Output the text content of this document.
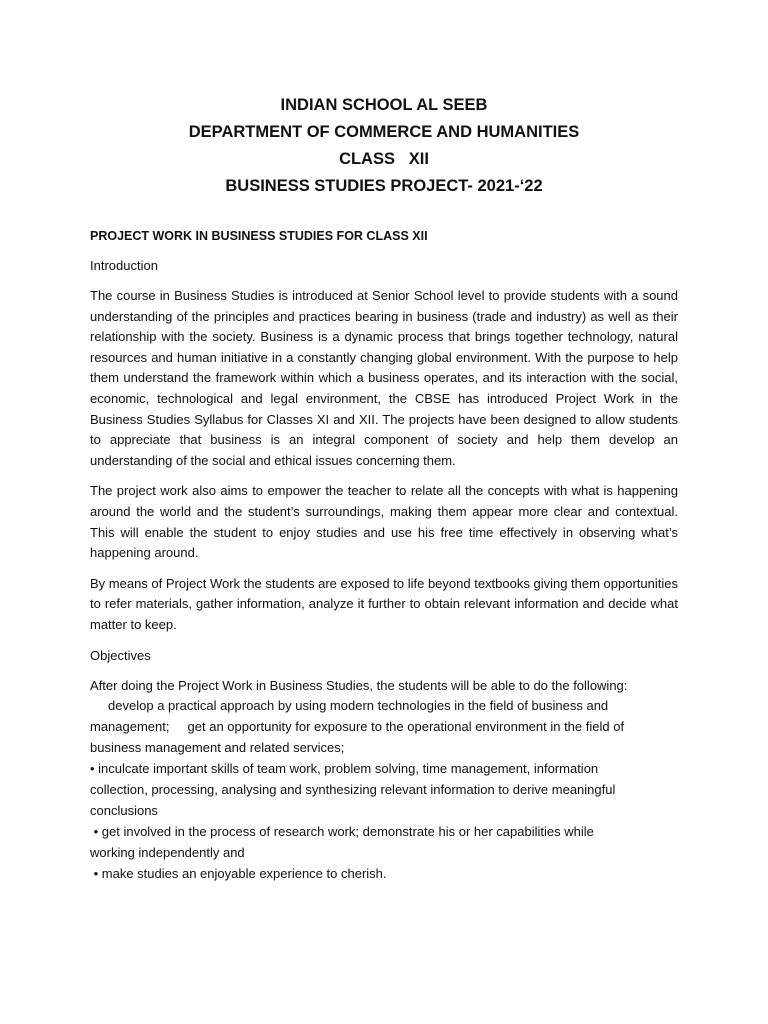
INDIAN SCHOOL AL SEEB
DEPARTMENT OF COMMERCE AND HUMANITIES
CLASS   XII
BUSINESS STUDIES PROJECT- 2021-‘22
PROJECT WORK IN BUSINESS STUDIES FOR CLASS XII
Introduction

The course in Business Studies is introduced at Senior School level to provide students with a sound understanding of the principles and practices bearing in business (trade and industry) as well as their relationship with the society. Business is a dynamic process that brings together technology, natural resources and human initiative in a constantly changing global environment. With the purpose to help them understand the framework within which a business operates, and its interaction with the social, economic, technological and legal environment, the CBSE has introduced Project Work in the Business Studies Syllabus for Classes XI and XII. The projects have been designed to allow students to appreciate that business is an integral component of society and help them develop an understanding of the social and ethical issues concerning them.

The project work also aims to empower the teacher to relate all the concepts with what is happening around the world and the student’s surroundings, making them appear more clear and contextual. This will enable the student to enjoy studies and use his free time effectively in observing what’s happening around.

By means of Project Work the students are exposed to life beyond textbooks giving them opportunities to refer materials, gather information, analyze it further to obtain relevant information and decide what matter to keep.

Objectives
After doing the Project Work in Business Studies, the students will be able to do the following:
develop a practical approach by using modern technologies in the field of business and
management;     get an opportunity for exposure to the operational environment in the field of
business management and related services;
• inculcate important skills of team work, problem solving, time management, information
collection, processing, analysing and synthesizing relevant information to derive meaningful
conclusions
• get involved in the process of research work; demonstrate his or her capabilities while
working independently and
• make studies an enjoyable experience to cherish.
